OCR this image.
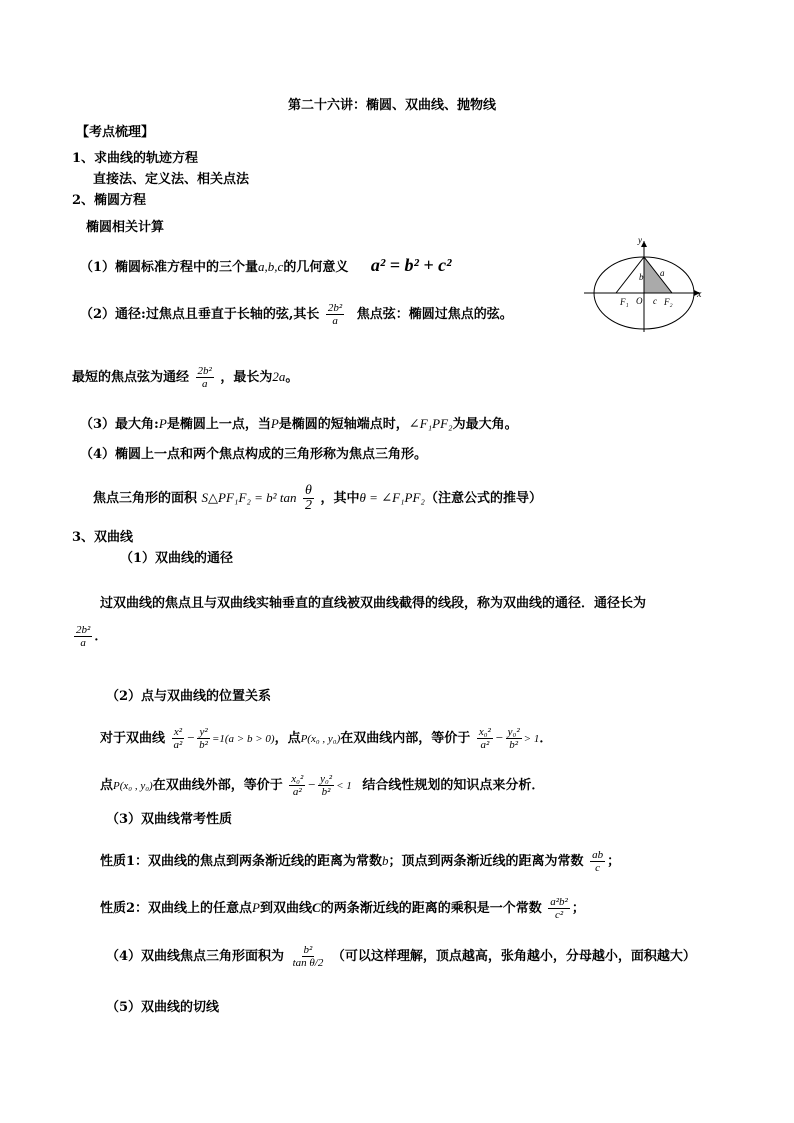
第二十六讲：椭圆、双曲线、抛物线
【考点梳理】
1、求曲线的轨迹方程
直接法、定义法、相关点法
2、椭圆方程
椭圆相关计算
（1）椭圆标准方程中的三个量a,b,c的几何意义 a² = b² + c²
（2）通径:过焦点且垂直于长轴的弦,其长 $\frac{\text{2b²}}{a}$ 焦点弦：椭圆过焦点的弦。
最短的焦点弦为通经 $\frac{\text{2b²}}{a}$ ，最长为2a。
（3）最大角:P是椭圆上一点，当P是椭圆的短轴端点时，∠F₁PF₂为最大角。
（4）椭圆上一点和两个焦点构成的三角形称为焦点三角形。
焦点三角形的面积 S△PF₁F₂ = b² $\tan \frac{\theta}{2}$ ，其中θ = ∠F₁PF₂（注意公式的推导）
y
x
O
a
b
c
F₁	F₂
3、双曲线
（1）双曲线的通径
过双曲线的焦点且与双曲线实轴垂直的直线被双曲线截得的线段，称为双曲线的通径．通径长为
$\frac{\text{2b²}}{a}$ ．
（2）点与双曲线的位置关系
对于双曲线 $\frac{\text{x²}}{\text{a²}} - \frac{\text{y²}}{\text{b²}} =1(a > b > 0)$，点P(x₀ , y₀)在双曲线内部，等价于 $\frac{\text{x₀²}}{\text{a²}} - \frac{\text{y₀²}}{\text{b²}} > 1$．
点P(x₀ , y₀)在双曲线外部，等价于 $\frac{\text{x₀²}}{\text{a²}} - \frac{\text{y₀²}}{\text{b²}} < 1$ 结合线性规划的知识点来分析．
（3）双曲线常考性质
性质1：双曲线的焦点到两条渐近线的距离为常数b；顶点到两条渐近线的距离为常数 $\frac{ab}{c}$ ；
性质2：双曲线上的任意点P到双曲线C的两条渐近线的距离的乘积是一个常数 $\frac{\text{a²b²}}{\text{c²}}$ ；
（4）双曲线焦点三角形面积为 $\frac{\text{b²}}{\text{tan θ/2}}$ （可以这样理解，顶点越高，张角越小，分母越小，面积越大）
（5）双曲线的切线
